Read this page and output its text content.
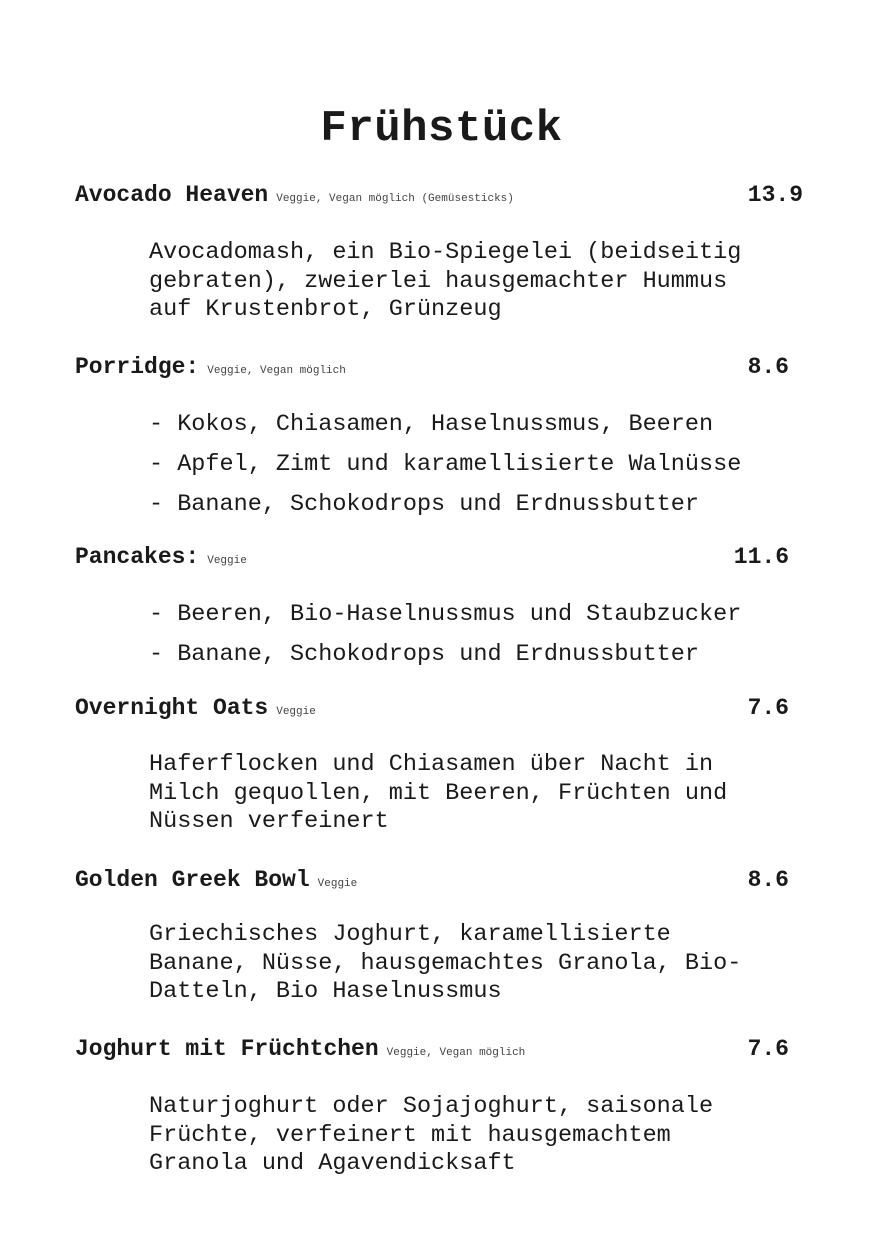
Frühstück
Avocado Heaven Veggie, Vegan möglich (Gemüsesticks)	13.9

Avocadomash, ein Bio-Spiegelei (beidseitig
gebraten), zweierlei hausgemachter Hummus
auf Krustenbrot, Grünzeug

Porridge: Veggie, Vegan möglich	8.6
- Kokos, Chiasamen, Haselnussmus, Beeren
- Apfel, Zimt und karamellisierte Walnüsse
- Banane, Schokodrops und Erdnussbutter
Pancakes: Veggie	11.6
- Beeren, Bio-Haselnussmus und Staubzucker
- Banane, Schokodrops und Erdnussbutter
Overnight Oats Veggie	7.6

Haferflocken und Chiasamen über Nacht in
Milch gequollen, mit Beeren, Früchten und
Nüssen verfeinert

Golden Greek Bowl Veggie	8.6

Griechisches Joghurt, karamellisierte
Banane, Nüsse, hausgemachtes Granola, Bio-
Datteln, Bio Haselnussmus

Joghurt mit Früchtchen Veggie, Vegan möglich	7.6

Naturjoghurt oder Sojajoghurt, saisonale
Früchte, verfeinert mit hausgemachtem
Granola und Agavendicksaft
